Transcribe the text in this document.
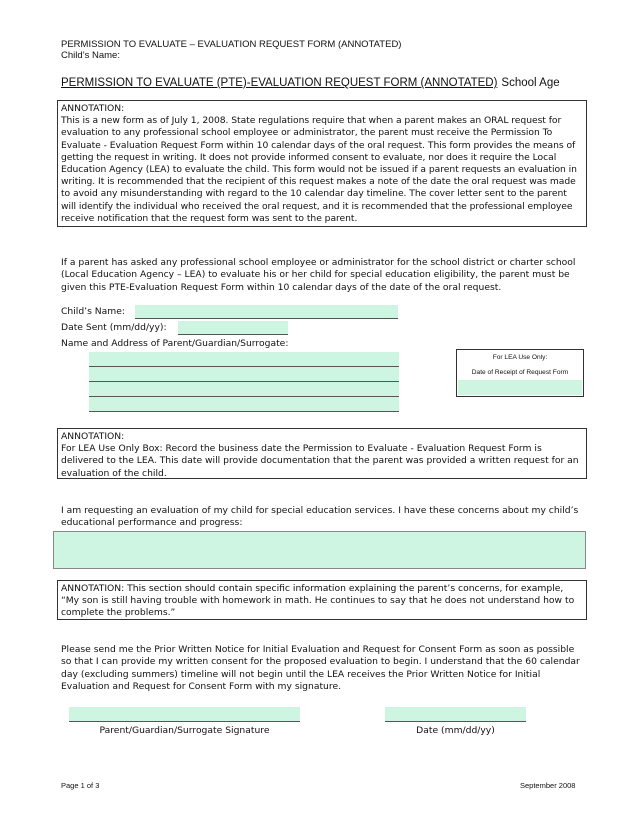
PERMISSION TO EVALUATE – EVALUATION REQUEST FORM (ANNOTATED)
Child’s Name:
PERMISSION TO EVALUATE (PTE)-EVALUATION REQUEST FORM (ANNOTATED) School Age
ANNOTATION:
This is a new form as of July 1, 2008. State regulations require that when a parent makes an ORAL request for evaluation to any professional school employee or administrator, the parent must receive the Permission To Evaluate - Evaluation Request Form within 10 calendar days of the oral request. This form provides the means of getting the request in writing. It does not provide informed consent to evaluate, nor does it require the Local Education Agency (LEA) to evaluate the child. This form would not be issued if a parent requests an evaluation in writing. It is recommended that the recipient of this request makes a note of the date the oral request was made to avoid any misunderstanding with regard to the 10 calendar day timeline. The cover letter sent to the parent will identify the individual who received the oral request, and it is recommended that the professional employee receive notification that the request form was sent to the parent.
If a parent has asked any professional school employee or administrator for the school district or charter school (Local Education Agency – LEA) to evaluate his or her child for special education eligibility, the parent must be given this PTE-Evaluation Request Form within 10 calendar days of the date of the oral request.
Child’s Name:
Date Sent (mm/dd/yy):
Name and Address of Parent/Guardian/Surrogate:
For LEA Use Only:
Date of Receipt of Request Form
ANNOTATION:
For LEA Use Only Box: Record the business date the Permission to Evaluate - Evaluation Request Form is delivered to the LEA. This date will provide documentation that the parent was provided a written request for an evaluation of the child.
I am requesting an evaluation of my child for special education services. I have these concerns about my child’s educational performance and progress:
ANNOTATION: This section should contain specific information explaining the parent’s concerns, for example, “My son is still having trouble with homework in math. He continues to say that he does not understand how to complete the problems.”
Please send me the Prior Written Notice for Initial Evaluation and Request for Consent Form as soon as possible so that I can provide my written consent for the proposed evaluation to begin. I understand that the 60 calendar day (excluding summers) timeline will not begin until the LEA receives the Prior Written Notice for Initial Evaluation and Request for Consent Form with my signature.
Parent/Guardian/Surrogate Signature	Date (mm/dd/yy)
Page 1 of 3	September 2008
